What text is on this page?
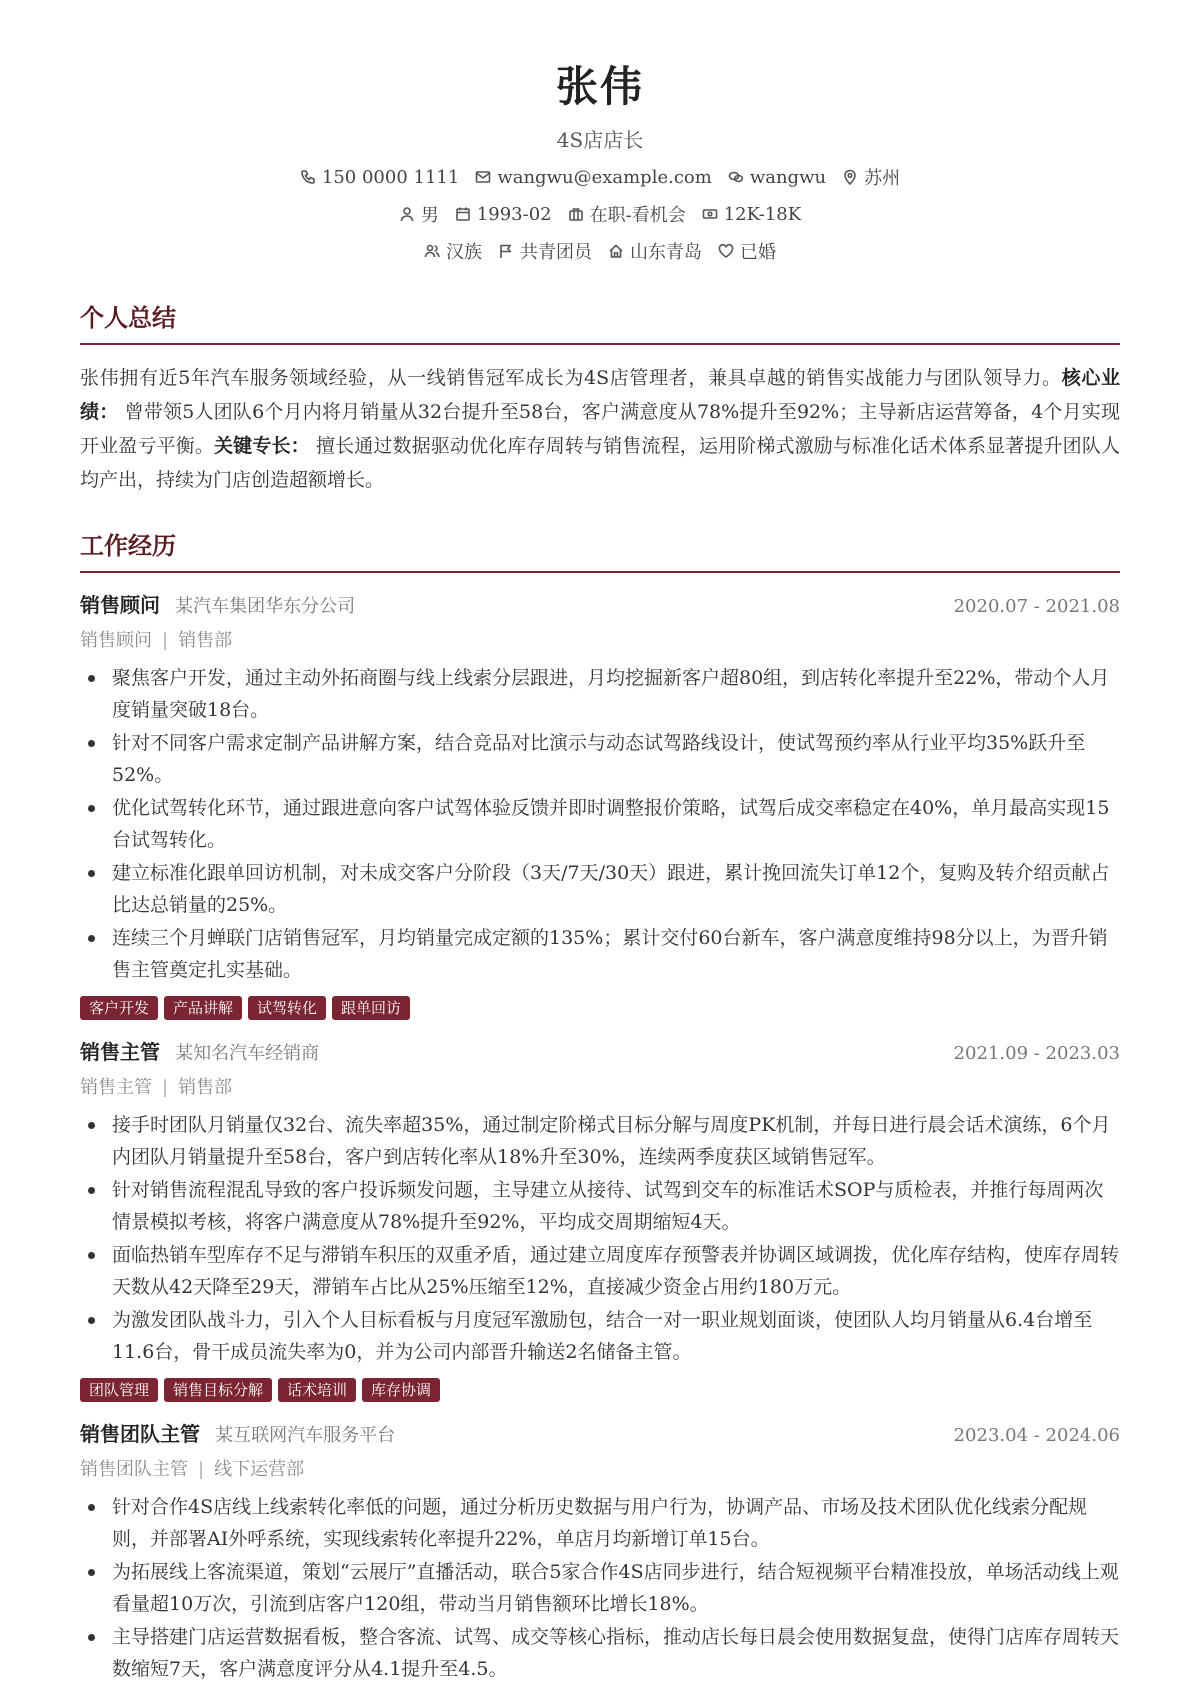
张伟
4S店店长
150 0000 1111 wangwu@example.com wangwu 苏州
男 1993-02 在职-看机会 12K-18K
汉族 共青团员 山东青岛 已婚
个人总结
张伟拥有近5年汽车服务领域经验，从一线销售冠军成长为4S店管理者，兼具卓越的销售实战能力与团队领导力。核心业绩： 曾带领5人团队6个月内将月销量从32台提升至58台，客户满意度从78%提升至92%；主导新店运营筹备，4个月实现开业盈亏平衡。关键专长： 擅长通过数据驱动优化库存周转与销售流程，运用阶梯式激励与标准化话术体系显著提升团队人均产出，持续为门店创造超额增长。
工作经历
销售顾问 某汽车集团华东分公司	2020.07 - 2021.08
销售顾问 | 销售部
聚焦客户开发，通过主动外拓商圈与线上线索分层跟进，月均挖掘新客户超80组，到店转化率提升至22%，带动个人月度销量突破18台。
针对不同客户需求定制产品讲解方案，结合竞品对比演示与动态试驾路线设计，使试驾预约率从行业平均35%跃升至52%。
优化试驾转化环节，通过跟进意向客户试驾体验反馈并即时调整报价策略，试驾后成交率稳定在40%，单月最高实现15台试驾转化。
建立标准化跟单回访机制，对未成交客户分阶段（3天/7天/30天）跟进，累计挽回流失订单12个，复购及转介绍贡献占比达总销量的25%。
连续三个月蝉联门店销售冠军，月均销量完成定额的135%；累计交付60台新车，客户满意度维持98分以上，为晋升销售主管奠定扎实基础。
客户开发	产品讲解	试驾转化	跟单回访
销售主管 某知名汽车经销商	2021.09 - 2023.03
销售主管 | 销售部
接手时团队月销量仅32台、流失率超35%，通过制定阶梯式目标分解与周度PK机制，并每日进行晨会话术演练，6个月内团队月销量提升至58台，客户到店转化率从18%升至30%，连续两季度获区域销售冠军。
针对销售流程混乱导致的客户投诉频发问题，主导建立从接待、试驾到交车的标准话术SOP与质检表，并推行每周两次情景模拟考核，将客户满意度从78%提升至92%，平均成交周期缩短4天。
面临热销车型库存不足与滞销车积压的双重矛盾，通过建立周度库存预警表并协调区域调拨，优化库存结构，使库存周转天数从42天降至29天，滞销车占比从25%压缩至12%，直接减少资金占用约180万元。
为激发团队战斗力，引入个人目标看板与月度冠军激励包，结合一对一职业规划面谈，使团队人均月销量从6.4台增至11.6台，骨干成员流失率为0，并为公司内部晋升输送2名储备主管。
团队管理	销售目标分解	话术培训	库存协调
销售团队主管 某互联网汽车服务平台	2023.04 - 2024.06
销售团队主管 | 线下运营部
针对合作4S店线上线索转化率低的问题，通过分析历史数据与用户行为，协调产品、市场及技术团队优化线索分配规则，并部署AI外呼系统，实现线索转化率提升22%，单店月均新增订单15台。
为拓展线上客流渠道，策划“云展厅”直播活动，联合5家合作4S店同步进行，结合短视频平台精准投放，单场活动线上观看量超10万次，引流到店客户120组，带动当月销售额环比增长18%。
主导搭建门店运营数据看板，整合客流、试驾、成交等核心指标，推动店长每日晨会使用数据复盘，使得门店库存周转天数缩短7天，客户满意度评分从4.1提升至4.5。
